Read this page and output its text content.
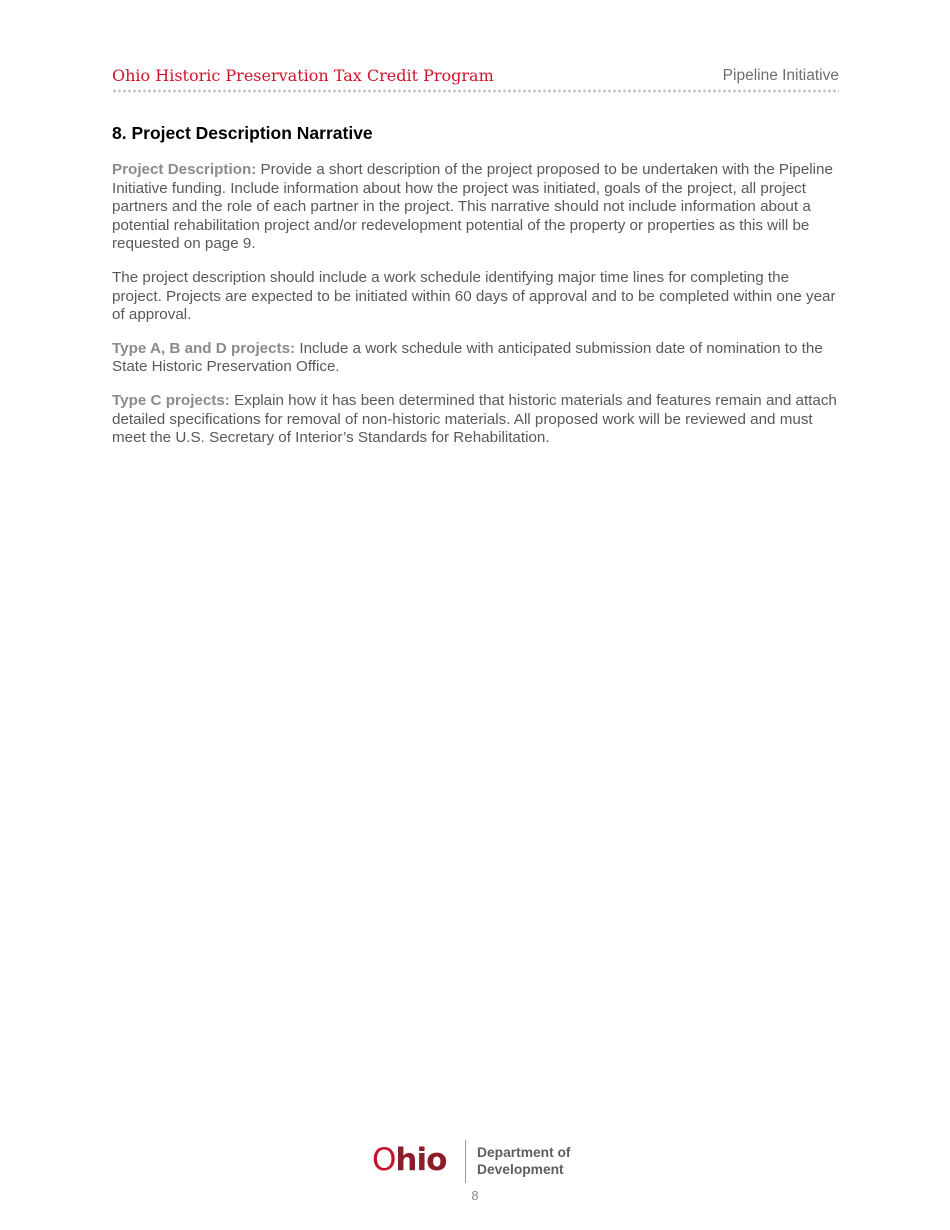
Ohio Historic Preservation Tax Credit Program	Pipeline Initiative
8. Project Description Narrative

Project Description: Provide a short description of the project proposed to be undertaken with the Pipeline Initiative funding. Include information about how the project was initiated, goals of the project, all project partners and the role of each partner in the project. This narrative should not include information about a potential rehabilitation project and/or redevelopment potential of the property or properties as this will be requested on page 9.

The project description should include a work schedule identifying major time lines for completing the project. Projects are expected to be initiated within 60 days of approval and to be completed within one year of approval.

Type A, B and D projects: Include a work schedule with anticipated submission date of nomination to the State Historic Preservation Office.

Type C projects: Explain how it has been determined that historic materials and features remain and attach detailed specifications for removal of non-historic materials. All proposed work will be reviewed and must meet the U.S. Secretary of Interior’s Standards for Rehabilitation.

Ohio Department of
Development
8
